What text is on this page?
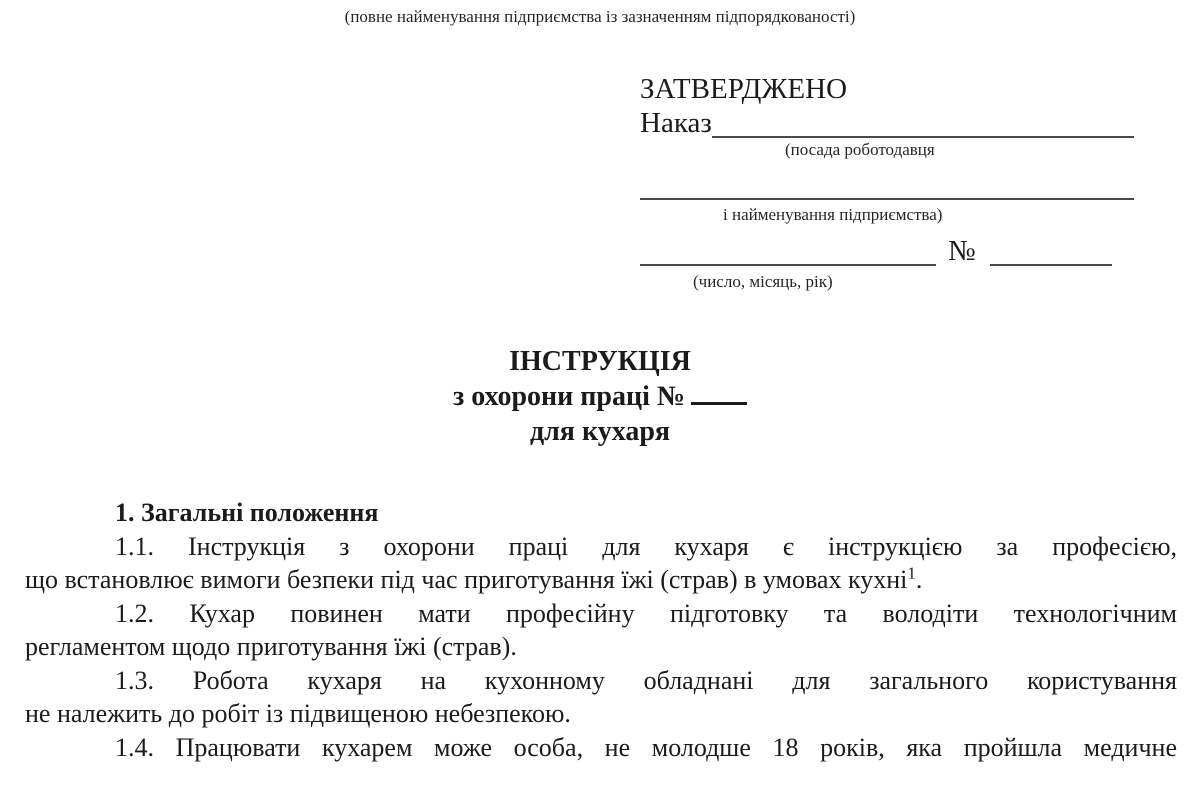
(повне найменування підприємства із зазначенням підпорядкованості)
ЗАТВЕРДЖЕНО
Наказ
(посада роботодавця
і найменування підприємства)
№
(число, місяць, рік)
ІНСТРУКЦІЯ
з охорони праці №
для кухаря
1. Загальні положення
1.1. Інструкція з охорони праці для кухаря є інструкцією за професією,
що встановлює вимоги безпеки під час приготування їжі (страв) в умовах кухні$^1$.
1.2. Кухар повинен мати професійну підготовку та володіти технологічним
регламентом щодо приготування їжі (страв).
1.3. Робота кухаря на кухонному обладнані для загального користування
не належить до робіт із підвищеною небезпекою.
1.4. Працювати кухарем може особа, не молодше 18 років, яка пройшла медичне
